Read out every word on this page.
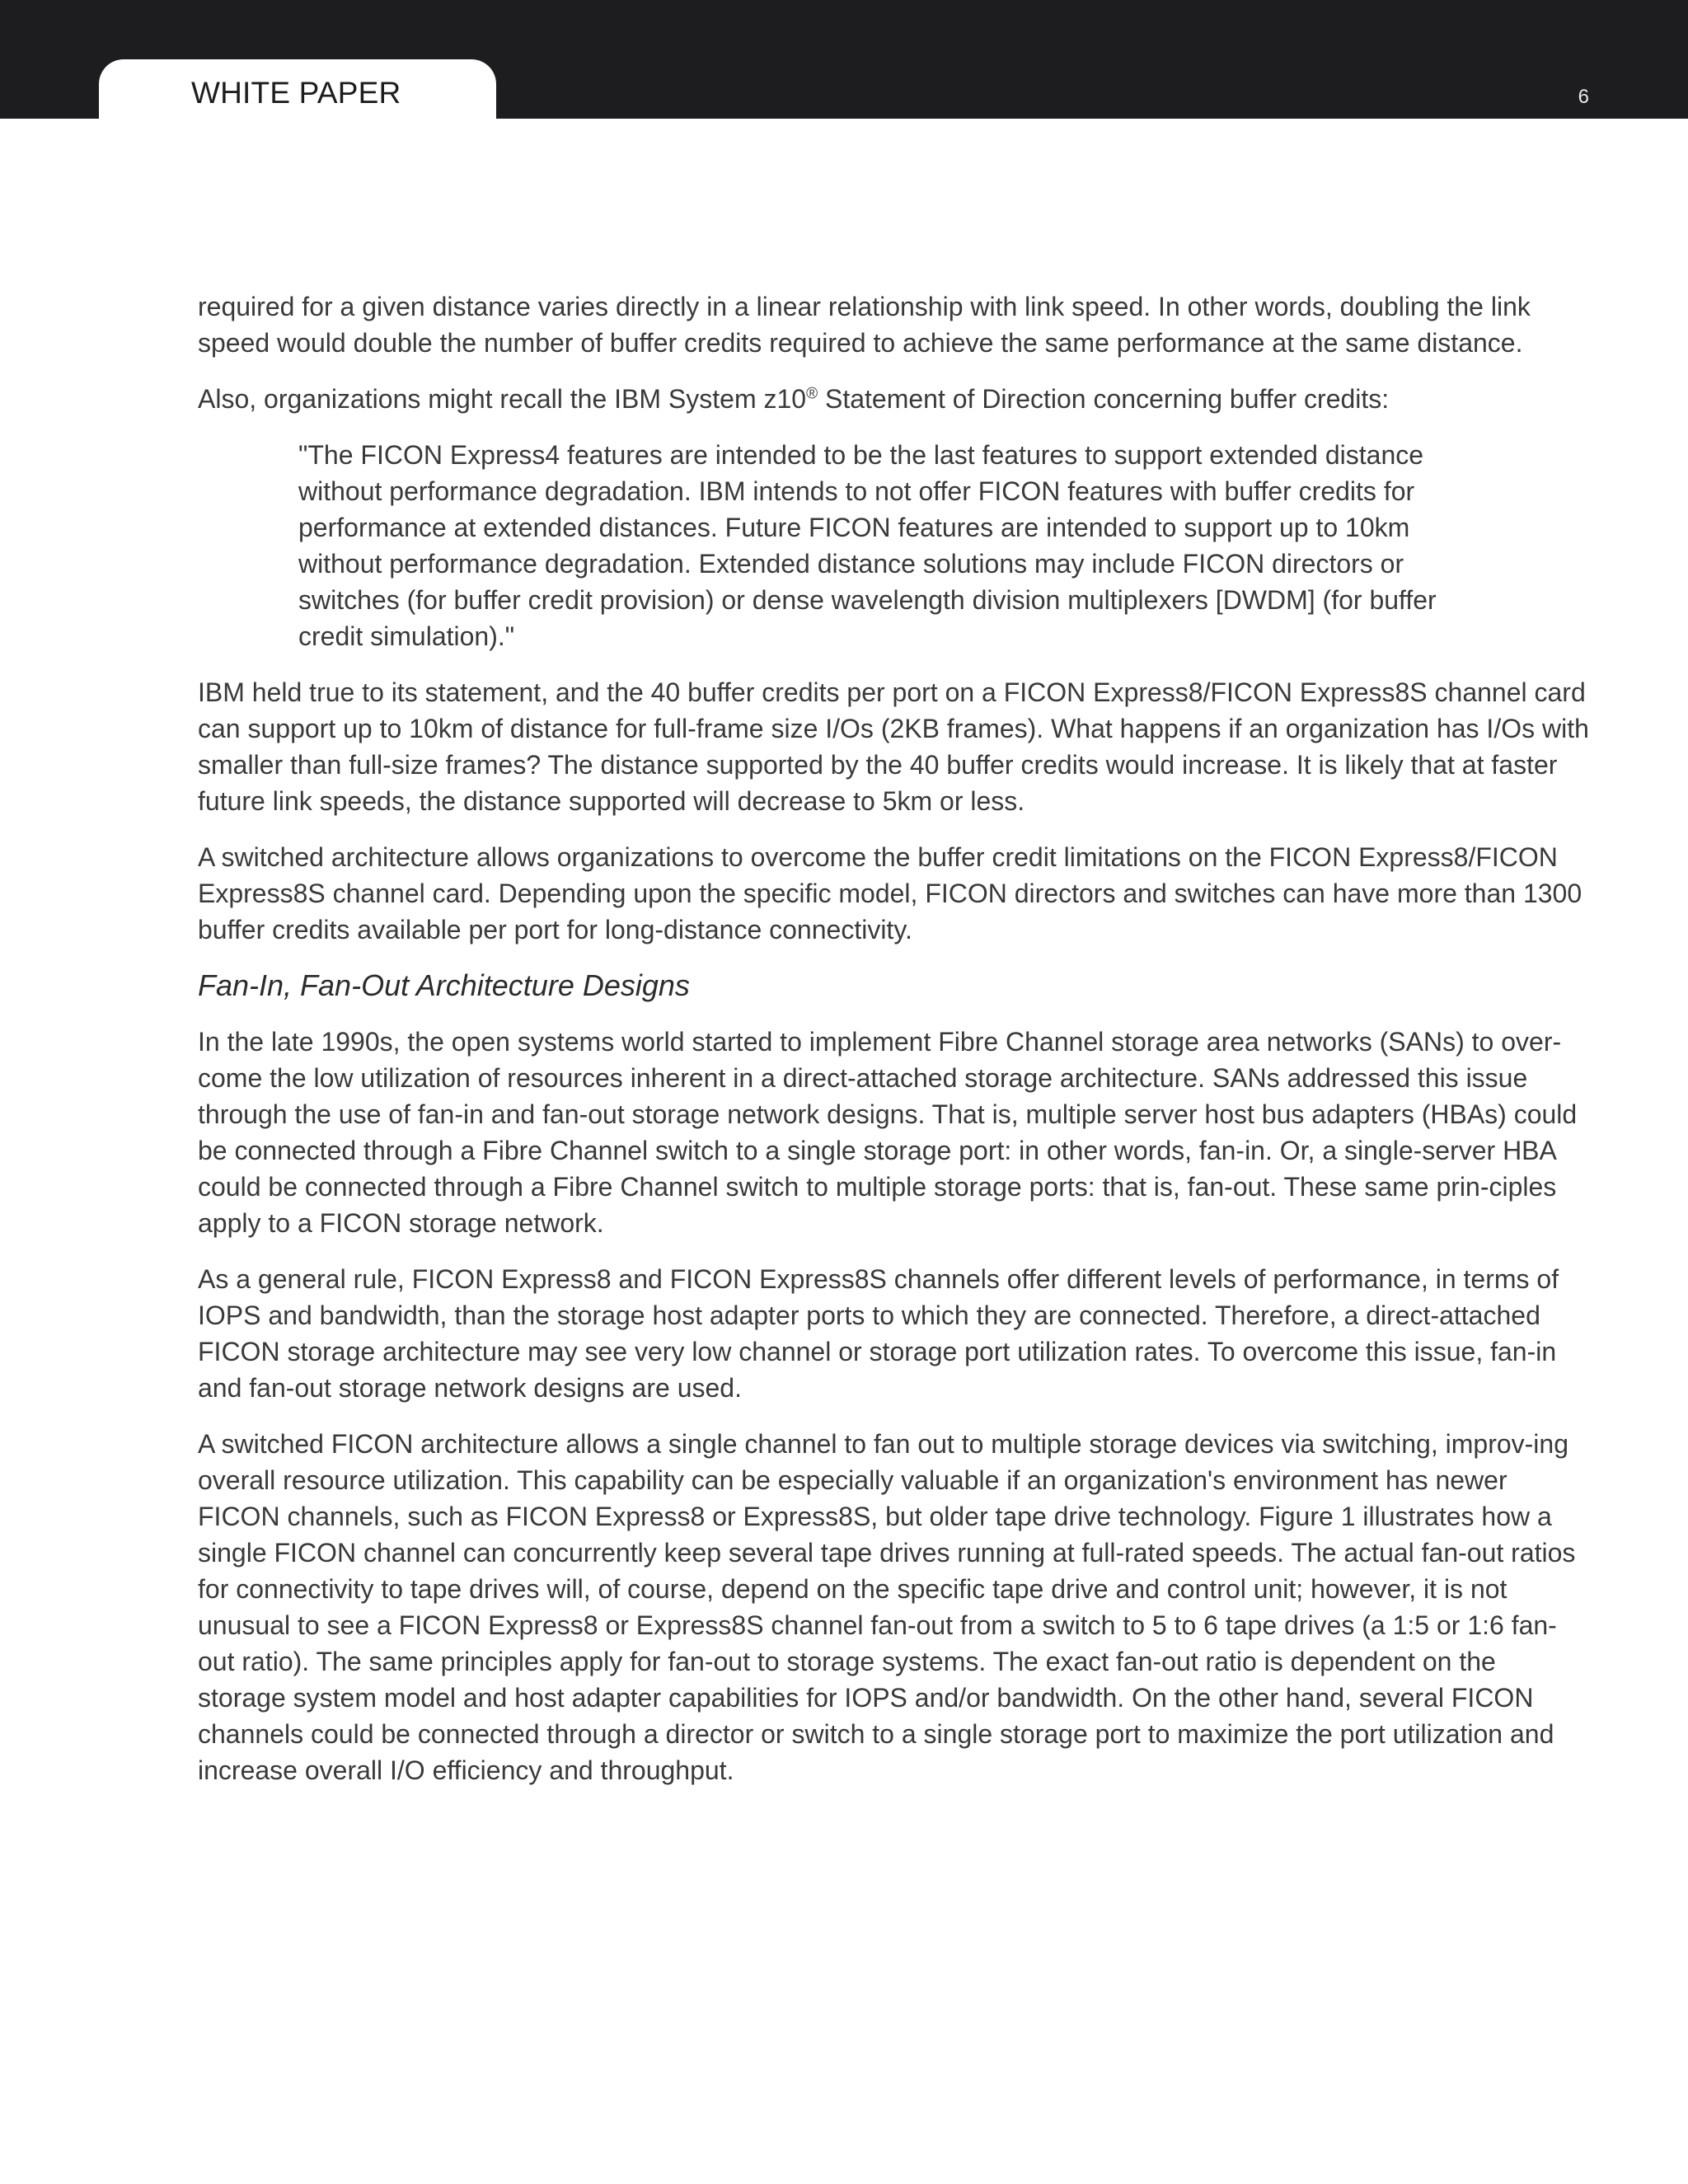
WHITE PAPER	6

required for a given distance varies directly in a linear relationship with link speed. In other words, doubling the link speed would double the number of buffer credits required to achieve the same performance at the same distance.

Also, organizations might recall the IBM System z10® Statement of Direction concerning buffer credits:

"The FICON Express4 features are intended to be the last features to support extended distance without performance degradation. IBM intends to not offer FICON features with buffer credits for performance at extended distances. Future FICON features are intended to support up to 10km without performance degradation. Extended distance solutions may include FICON directors or switches (for buffer credit provision) or dense wavelength division multiplexers [DWDM] (for buffer credit simulation)."

IBM held true to its statement, and the 40 buffer credits per port on a FICON Express8/FICON Express8S channel card can support up to 10km of distance for full-frame size I/Os (2KB frames). What happens if an organization has I/Os with smaller than full-size frames? The distance supported by the 40 buffer credits would increase. It is likely that at faster future link speeds, the distance supported will decrease to 5km or less.

A switched architecture allows organizations to overcome the buffer credit limitations on the FICON Express8/FICON Express8S channel card. Depending upon the specific model, FICON directors and switches can have more than 1300 buffer credits available per port for long-distance connectivity.

Fan-In, Fan-Out Architecture Designs

In the late 1990s, the open systems world started to implement Fibre Channel storage area networks (SANs) to over-come the low utilization of resources inherent in a direct-attached storage architecture. SANs addressed this issue through the use of fan-in and fan-out storage network designs. That is, multiple server host bus adapters (HBAs) could be connected through a Fibre Channel switch to a single storage port: in other words, fan-in. Or, a single-server HBA could be connected through a Fibre Channel switch to multiple storage ports: that is, fan-out. These same prin-ciples apply to a FICON storage network.

As a general rule, FICON Express8 and FICON Express8S channels offer different levels of performance, in terms of IOPS and bandwidth, than the storage host adapter ports to which they are connected. Therefore, a direct-attached FICON storage architecture may see very low channel or storage port utilization rates. To overcome this issue, fan-in and fan-out storage network designs are used.

A switched FICON architecture allows a single channel to fan out to multiple storage devices via switching, improv-ing overall resource utilization. This capability can be especially valuable if an organization's environment has newer FICON channels, such as FICON Express8 or Express8S, but older tape drive technology. Figure 1 illustrates how a single FICON channel can concurrently keep several tape drives running at full-rated speeds. The actual fan-out ratios for connectivity to tape drives will, of course, depend on the specific tape drive and control unit; however, it is not unusual to see a FICON Express8 or Express8S channel fan-out from a switch to 5 to 6 tape drives (a 1:5 or 1:6 fan-out ratio). The same principles apply for fan-out to storage systems. The exact fan-out ratio is dependent on the storage system model and host adapter capabilities for IOPS and/or bandwidth. On the other hand, several FICON channels could be connected through a director or switch to a single storage port to maximize the port utilization and increase overall I/O efficiency and throughput.
